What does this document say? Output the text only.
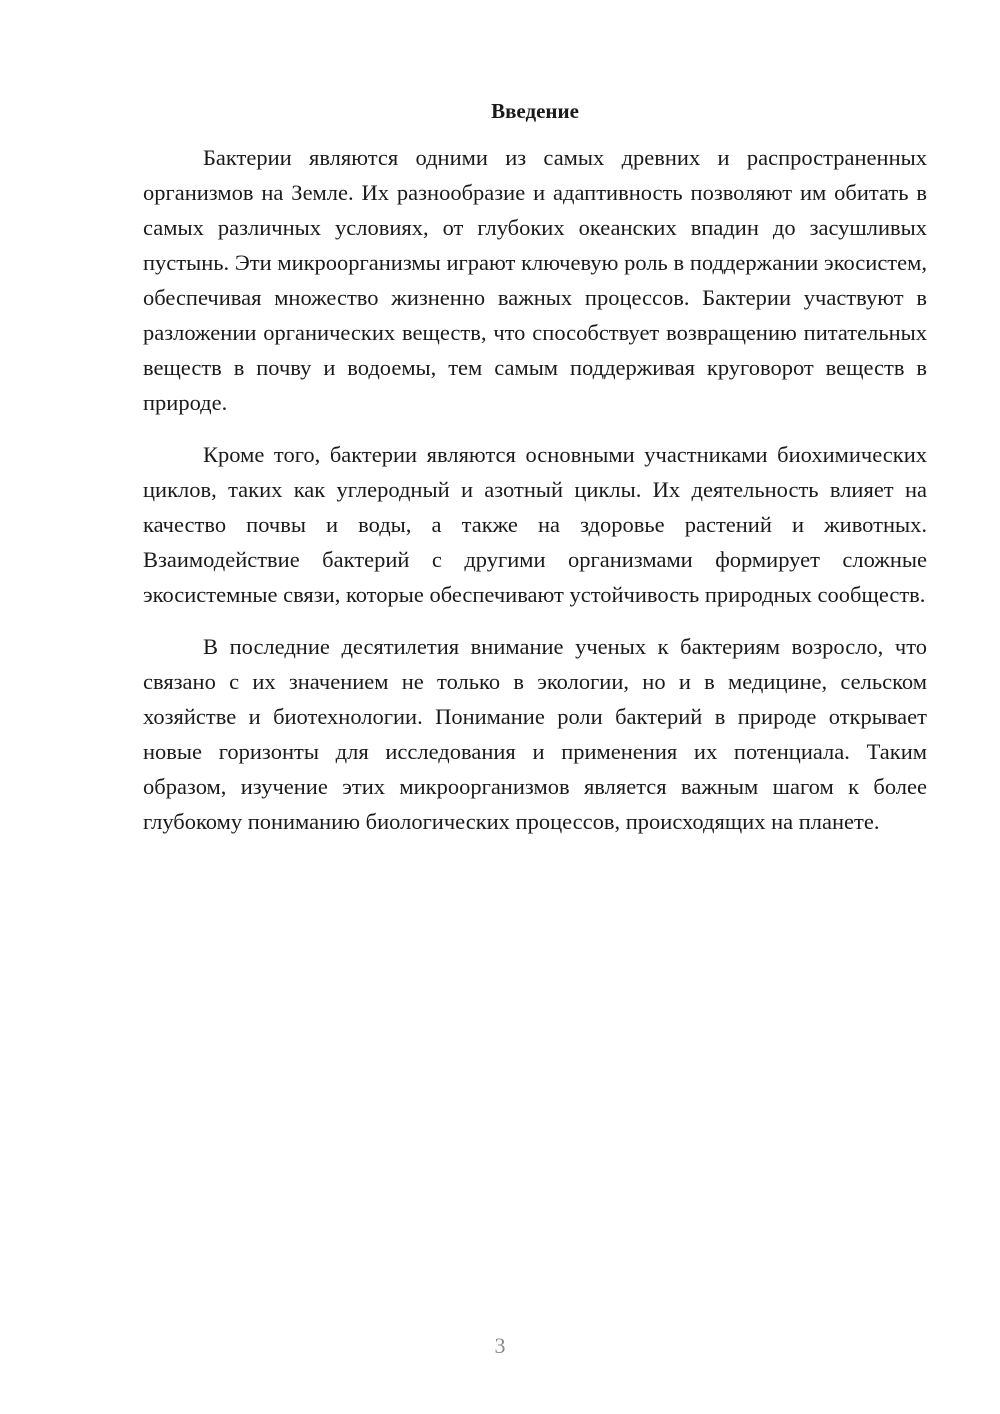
Введение

Бактерии являются одними из самых древних и распространенных организмов на Земле. Их разнообразие и адаптивность позволяют им обитать в самых различных условиях, от глубоких океанских впадин до засушливых пустынь. Эти микроорганизмы играют ключевую роль в поддержании экосистем, обеспечивая множество жизненно важных процессов. Бактерии участвуют в разложении органических веществ, что способствует возвращению питательных веществ в почву и водоемы, тем самым поддерживая круговорот веществ в природе.

Кроме того, бактерии являются основными участниками биохимических циклов, таких как углеродный и азотный циклы. Их деятельность влияет на качество почвы и воды, а также на здоровье растений и животных. Взаимодействие бактерий с другими организмами формирует сложные экосистемные связи, которые обеспечивают устойчивость природных сообществ.

В последние десятилетия внимание ученых к бактериям возросло, что связано с их значением не только в экологии, но и в медицине, сельском хозяйстве и биотехнологии. Понимание роли бактерий в природе открывает новые горизонты для исследования и применения их потенциала. Таким образом, изучение этих микроорганизмов является важным шагом к более глубокому пониманию биологических процессов, происходящих на планете.

3
